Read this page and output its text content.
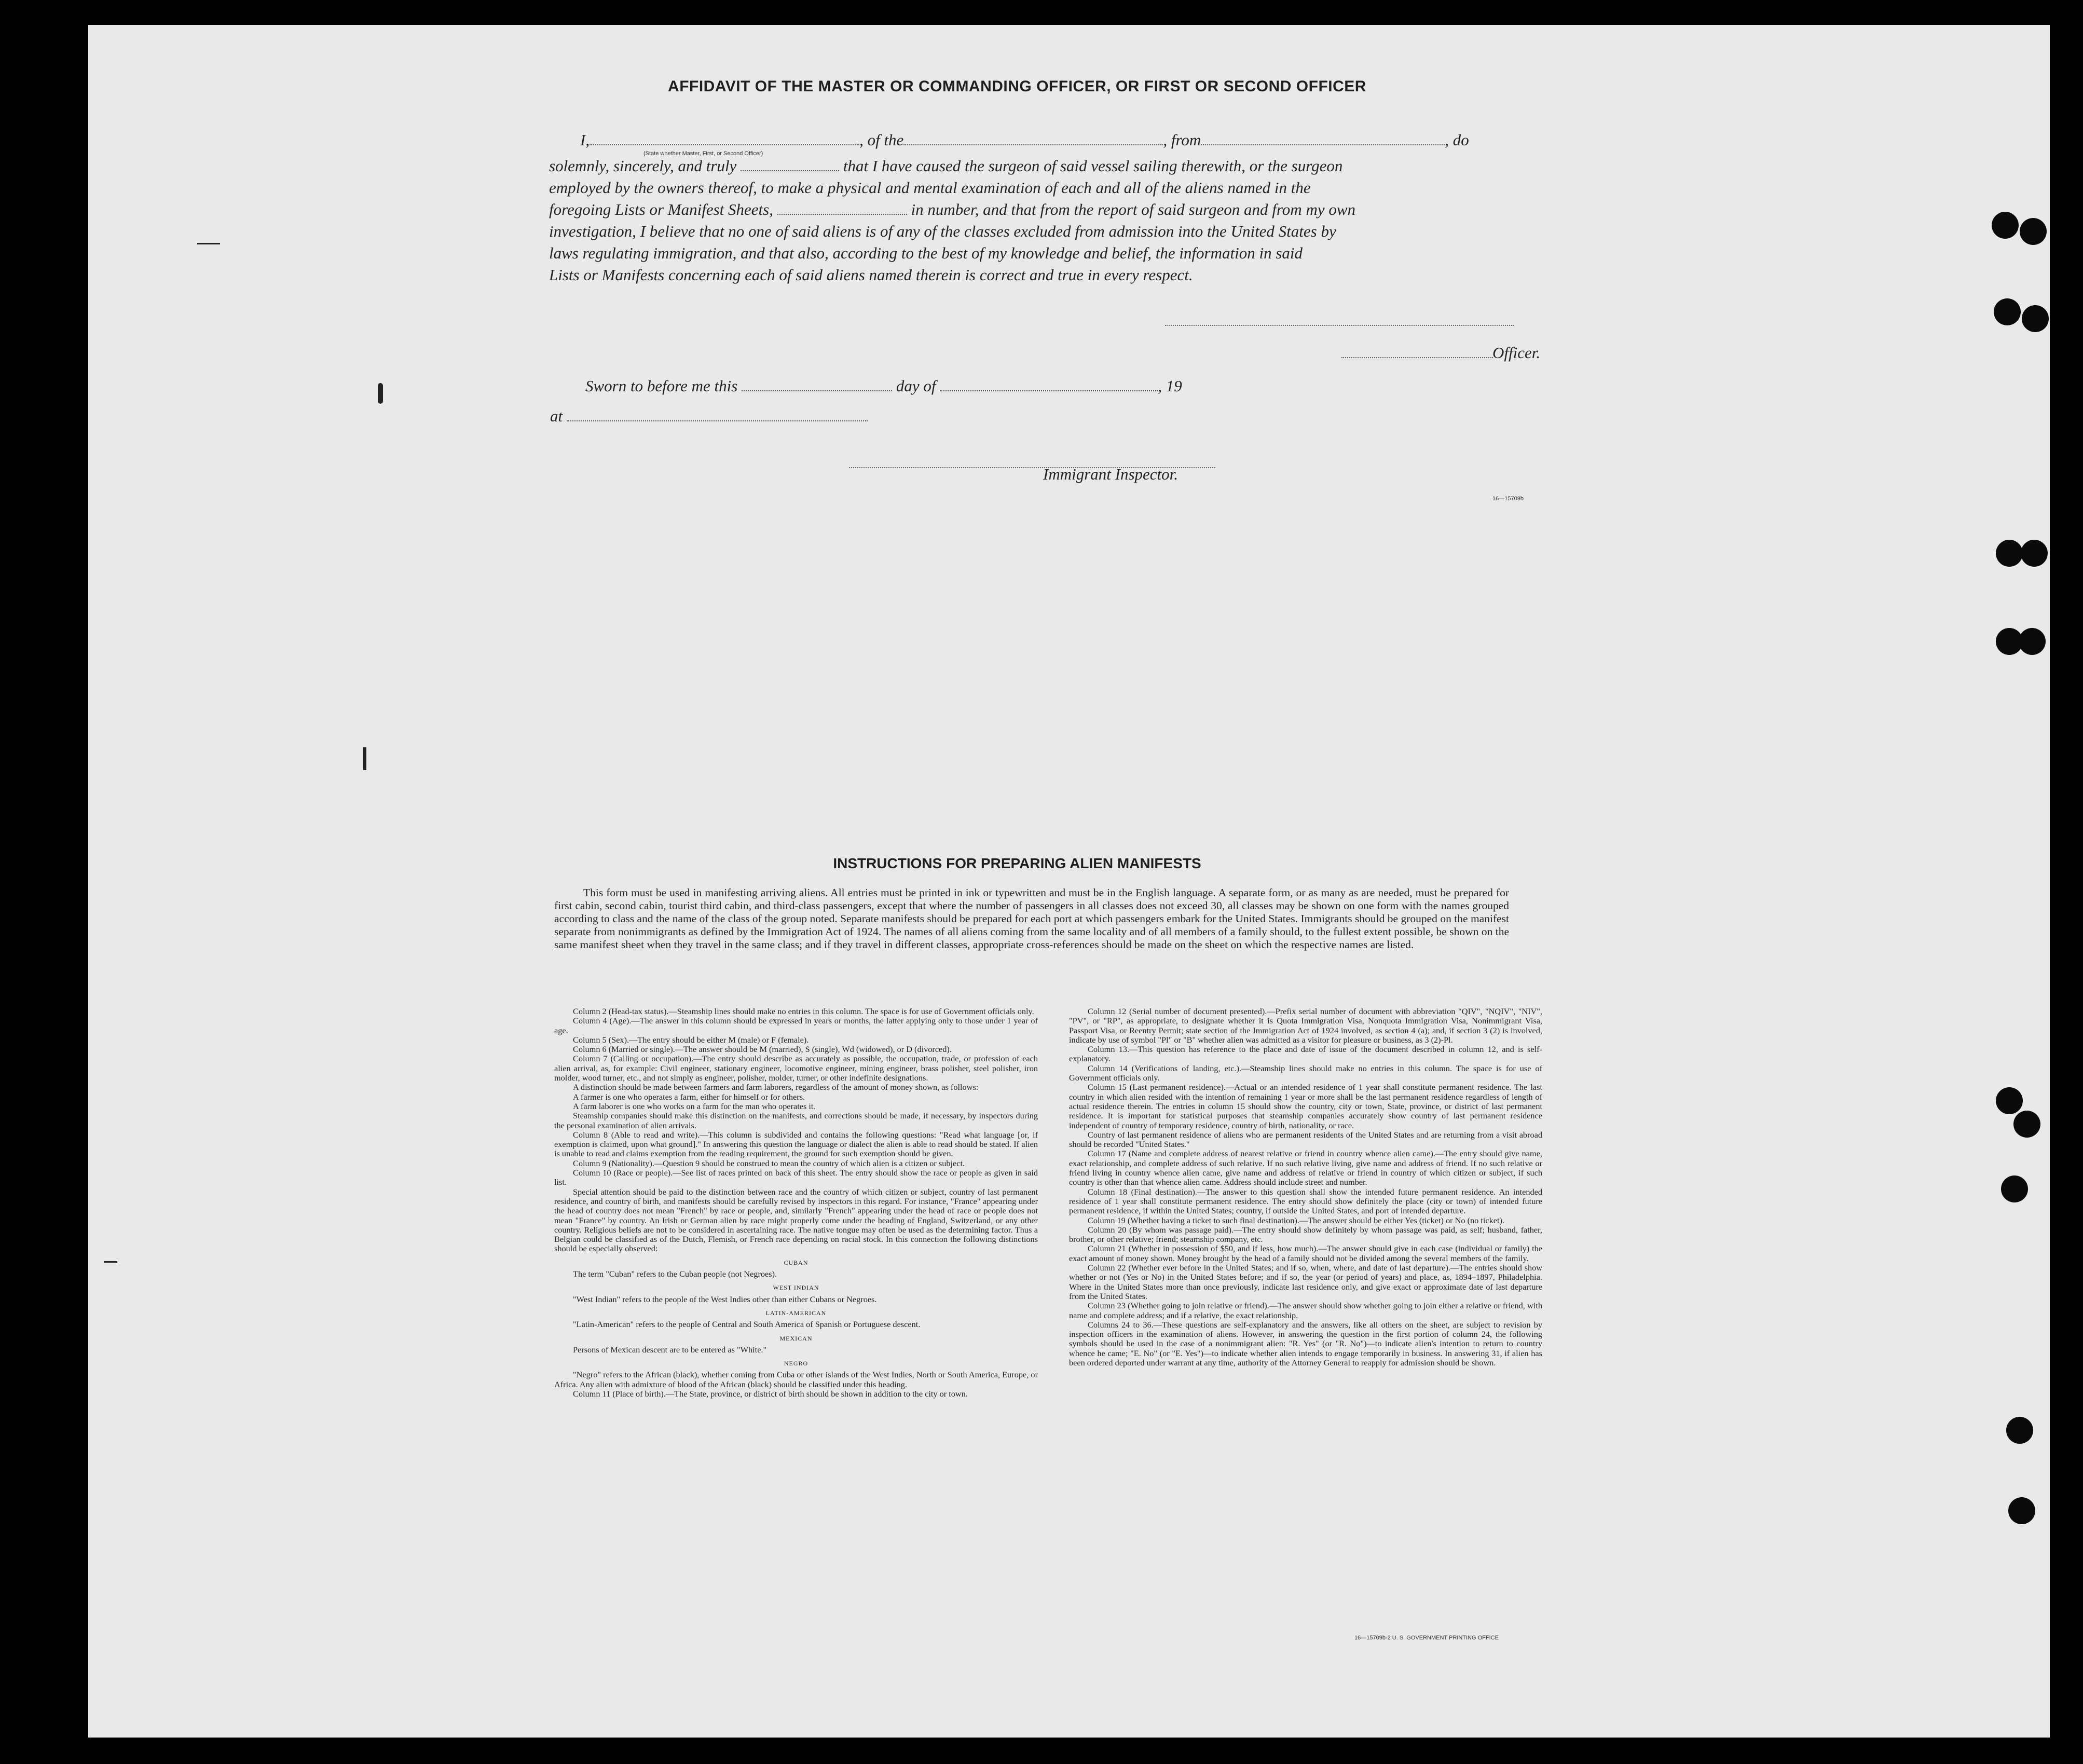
AFFIDAVIT OF THE MASTER OR COMMANDING OFFICER, OR FIRST OR SECOND OFFICER
I,	, of the	, from	, do
(State whether Master, First, or Second Officer)
solemnly, sincerely, and truly	that I have caused the surgeon of said vessel sailing therewith, or the surgeon
employed by the owners thereof, to make a physical and mental examination of each and all of the aliens named in the
foregoing Lists or Manifest Sheets,	in number, and that from the report of said surgeon and from my own
investigation, I believe that no one of said aliens is of any of the classes excluded from admission into the United States by
laws regulating immigration, and that also, according to the best of my knowledge and belief, the information in said
Lists or Manifests concerning each of said aliens named therein is correct and true in every respect.
Officer.
Sworn to before me this	day of	, 19
at
Immigrant Inspector.
16—15709b
INSTRUCTIONS FOR PREPARING ALIEN MANIFESTS
This form must be used in manifesting arriving aliens. All entries must be printed in ink or typewritten and must be in the English language. A separate form, or as many as are needed, must be prepared for first cabin, second cabin, tourist third cabin, and third-class passengers, except that where the number of passengers in all classes does not exceed 30, all classes may be shown on one form with the names grouped according to class and the name of the class of the group noted. Separate manifests should be prepared for each port at which passengers embark for the United States. Immigrants should be grouped on the manifest separate from nonimmigrants as defined by the Immigration Act of 1924. The names of all aliens coming from the same locality and of all members of a family should, to the fullest extent possible, be shown on the same manifest sheet when they travel in the same class; and if they travel in different classes, appropriate cross-references should be made on the sheet on which the respective names are listed.

Column 2 (Head-tax status).—Steamship lines should make no entries in this column. The space is for use of Government officials only.

Column 4 (Age).—The answer in this column should be expressed in years or months, the latter applying only to those under 1 year of age.

Column 5 (Sex).—The entry should be either M (male) or F (female).

Column 6 (Married or single).—The answer should be M (married), S (single), Wd (widowed), or D (divorced).

Column 7 (Calling or occupation).—The entry should describe as accurately as possible, the occupation, trade, or profession of each alien arrival, as, for example: Civil engineer, stationary engineer, locomotive engineer, mining engineer, brass polisher, steel polisher, iron molder, wood turner, etc., and not simply as engineer, polisher, molder, turner, or other indefinite designations.

A distinction should be made between farmers and farm laborers, regardless of the amount of money shown, as follows:

A farmer is one who operates a farm, either for himself or for others.

A farm laborer is one who works on a farm for the man who operates it.

Steamship companies should make this distinction on the manifests, and corrections should be made, if necessary, by inspectors during the personal examination of alien arrivals.

Column 8 (Able to read and write).—This column is subdivided and contains the following questions: "Read what language [or, if exemption is claimed, upon what ground]." In answering this question the language or dialect the alien is able to read should be stated. If alien is unable to read and claims exemption from the reading requirement, the ground for such exemption should be given.

Column 9 (Nationality).—Question 9 should be construed to mean the country of which alien is a citizen or subject.

Column 10 (Race or people).—See list of races printed on back of this sheet. The entry should show the race or people as given in said list.

Special attention should be paid to the distinction between race and the country of which citizen or subject, country of last permanent residence, and country of birth, and manifests should be carefully revised by inspectors in this regard. For instance, "France" appearing under the head of country does not mean "French" by race or people, and, similarly "French" appearing under the head of race or people does not mean "France" by country. An Irish or German alien by race might properly come under the heading of England, Switzerland, or any other country. Religious beliefs are not to be considered in ascertaining race. The native tongue may often be used as the determining factor. Thus a Belgian could be classified as of the Dutch, Flemish, or French race depending on racial stock. In this connection the following distinctions should be especially observed:

CUBAN

The term "Cuban" refers to the Cuban people (not Negroes).

WEST INDIAN

"West Indian" refers to the people of the West Indies other than either Cubans or Negroes.

LATIN-AMERICAN

"Latin-American" refers to the people of Central and South America of Spanish or Portuguese descent.

MEXICAN

Persons of Mexican descent are to be entered as "White."

NEGRO

"Negro" refers to the African (black), whether coming from Cuba or other islands of the West Indies, North or South America, Europe, or Africa. Any alien with admixture of blood of the African (black) should be classified under this heading.

Column 11 (Place of birth).—The State, province, or district of birth should be shown in addition to the city or town.

Column 12 (Serial number of document presented).—Prefix serial number of document with abbreviation "QIV", "NQIV", "NIV", "PV", or "RP", as appropriate, to designate whether it is Quota Immigration Visa, Nonquota Immigration Visa, Nonimmigrant Visa, Passport Visa, or Reentry Permit; state section of the Immigration Act of 1924 involved, as section 4 (a); and, if section 3 (2) is involved, indicate by use of symbol "Pl" or "B" whether alien was admitted as a visitor for pleasure or business, as 3 (2)-Pl.

Column 13.—This question has reference to the place and date of issue of the document described in column 12, and is self-explanatory.

Column 14 (Verifications of landing, etc.).—Steamship lines should make no entries in this column. The space is for use of Government officials only.

Column 15 (Last permanent residence).—Actual or an intended residence of 1 year shall constitute permanent residence. The last country in which alien resided with the intention of remaining 1 year or more shall be the last permanent residence regardless of length of actual residence therein. The entries in column 15 should show the country, city or town, State, province, or district of last permanent residence. It is important for statistical purposes that steamship companies accurately show country of last permanent residence independent of country of temporary residence, country of birth, nationality, or race.

Country of last permanent residence of aliens who are permanent residents of the United States and are returning from a visit abroad should be recorded "United States."

Column 17 (Name and complete address of nearest relative or friend in country whence alien came).—The entry should give name, exact relationship, and complete address of such relative. If no such relative living, give name and address of friend. If no such relative or friend living in country whence alien came, give name and address of relative or friend in country of which citizen or subject, if such country is other than that whence alien came. Address should include street and number.

Column 18 (Final destination).—The answer to this question shall show the intended future permanent residence. An intended residence of 1 year shall constitute permanent residence. The entry should show definitely the place (city or town) of intended future permanent residence, if within the United States; country, if outside the United States, and port of intended departure.

Column 19 (Whether having a ticket to such final destination).—The answer should be either Yes (ticket) or No (no ticket).

Column 20 (By whom was passage paid).—The entry should show definitely by whom passage was paid, as self; husband, father, brother, or other relative; friend; steamship company, etc.

Column 21 (Whether in possession of $50, and if less, how much).—The answer should give in each case (individual or family) the exact amount of money shown. Money brought by the head of a family should not be divided among the several members of the family.

Column 22 (Whether ever before in the United States; and if so, when, where, and date of last departure).—The entries should show whether or not (Yes or No) in the United States before; and if so, the year (or period of years) and place, as, 1894–1897, Philadelphia. Where in the United States more than once previously, indicate last residence only, and give exact or approximate date of last departure from the United States.

Column 23 (Whether going to join relative or friend).—The answer should show whether going to join either a relative or friend, with name and complete address; and if a relative, the exact relationship.

Columns 24 to 36.—These questions are self-explanatory and the answers, like all others on the sheet, are subject to revision by inspection officers in the examination of aliens. However, in answering the question in the first portion of column 24, the following symbols should be used in the case of a nonimmigrant alien: "R. Yes" (or "R. No")—to indicate alien's intention to return to country whence he came; "E. No" (or "E. Yes")—to indicate whether alien intends to engage temporarily in business. In answering 31, if alien has been ordered deported under warrant at any time, authority of the Attorney General to reapply for admission should be shown.

16—15709b-2 U. S. GOVERNMENT PRINTING OFFICE
